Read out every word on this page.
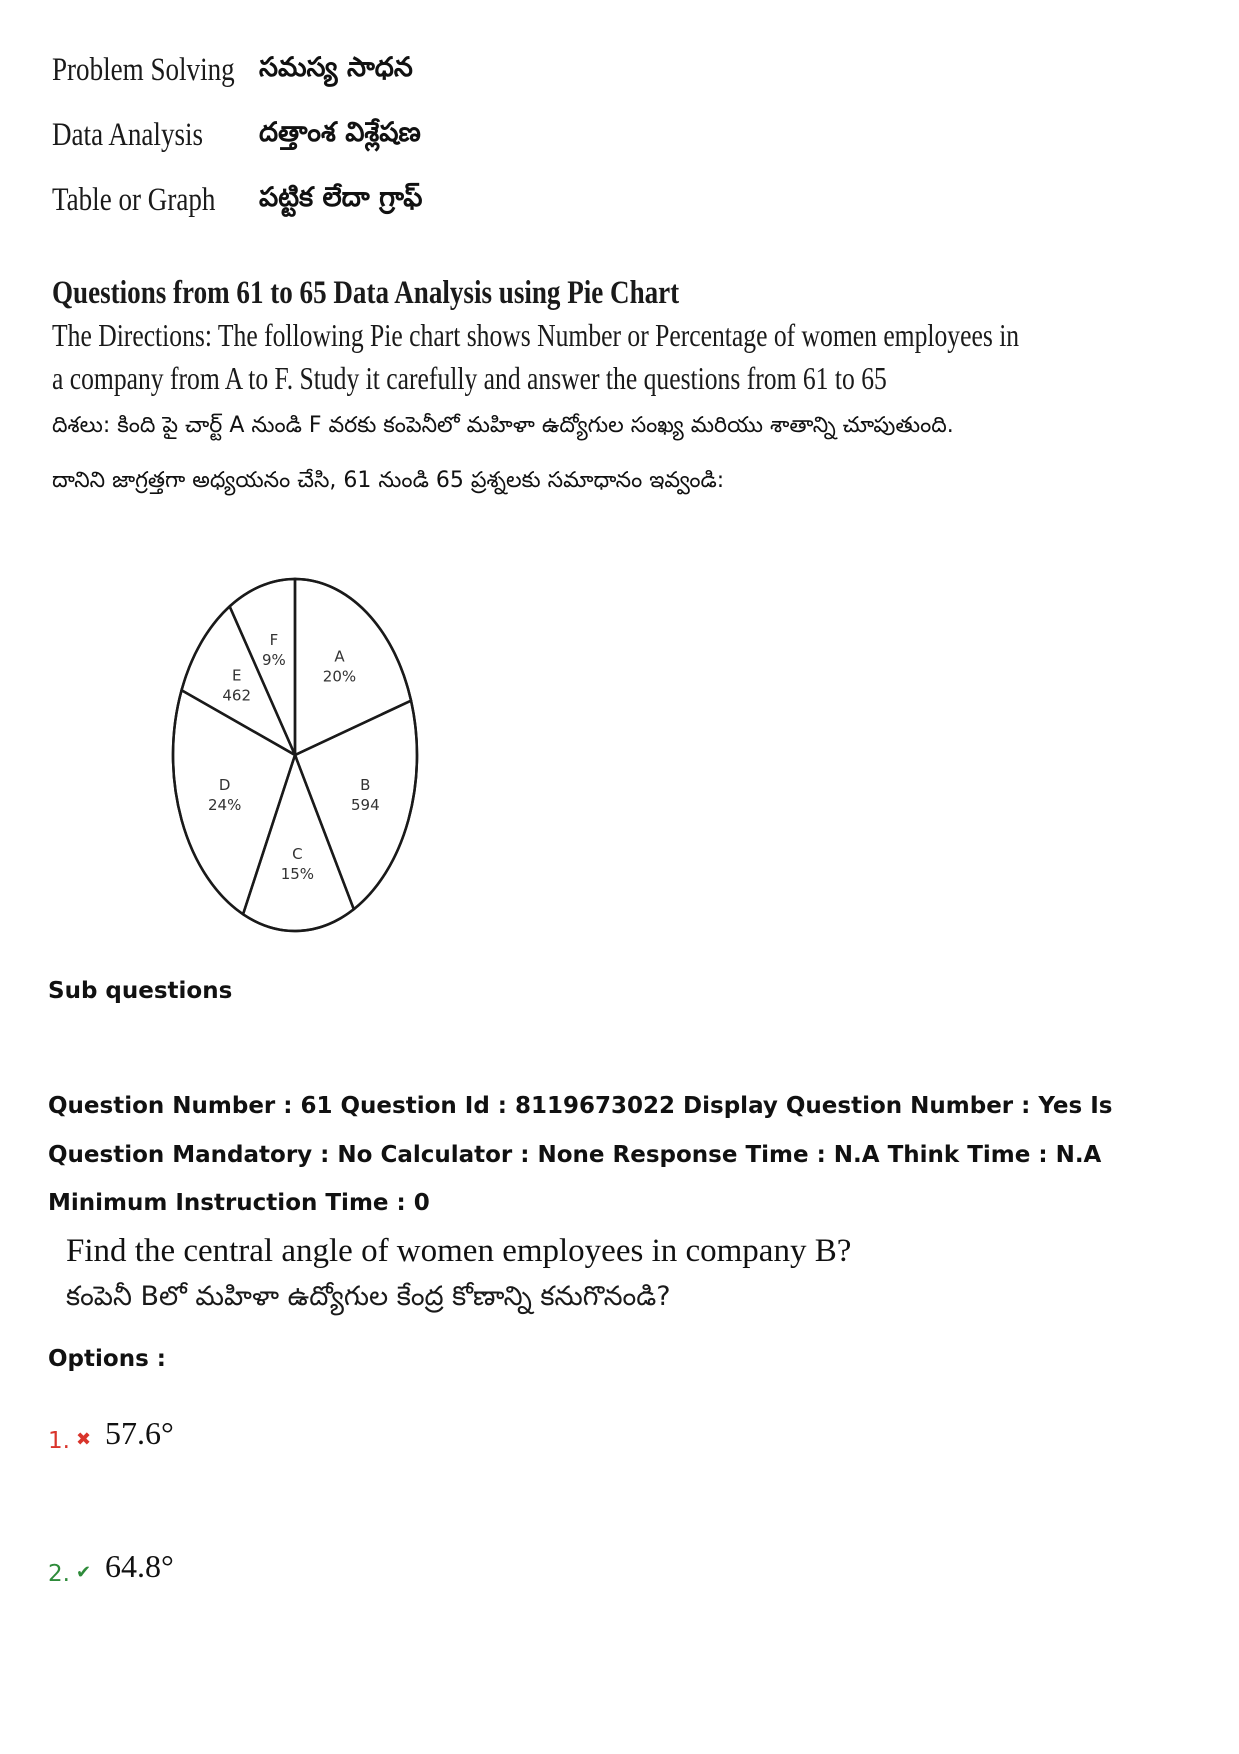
Problem Solving సమస్య సాధన
Data Analysis	దత్తాంశ విశ్లేషణ
Table or Graph పట్టిక లేదా గ్రాఫ్
Questions from 61 to 65 Data Analysis using Pie Chart
The Directions: The following Pie chart shows Number or Percentage of women employees in
a company from A to F. Study it carefully and answer the questions from 61 to 65
దిశలు: కింది పై చార్ట్ A నుండి F వరకు కంపెనీలో మహిళా ఉద్యోగుల సంఖ్య మరియు శాతాన్ని చూపుతుంది.
దానిని జాగ్రత్తగా అధ్యయనం చేసి, 61 నుండి 65 ప్రశ్నలకు సమాధానం ఇవ్వండి:
A
20%
B
594
C
15%
D
24%
E
462
F
9%
Sub questions
Question Number : 61 Question Id : 8119673022 Display Question Number : Yes Is Question Mandatory : No Calculator : None Response Time : N.A Think Time : N.A Minimum Instruction Time : 0
Find the central angle of women employees in company B?
కంపెనీ Bలో మహిళా ఉద్యోగుల కేంద్ర కోణాన్ని కనుగొనండి?
Options :
1. ✖ 57.6°
2. ✔ 64.8°
